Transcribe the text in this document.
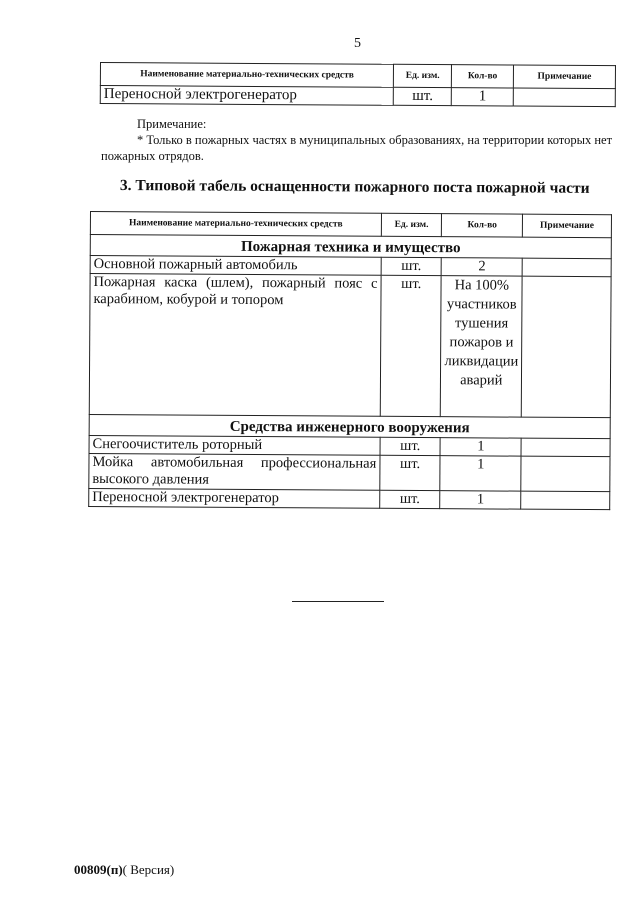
5
Наименование материально-технических средств	Ед. изм.	Кол-во	Примечание
Переносной электрогенератор	шт.	1	
Примечание:
* Только в пожарных частях в муниципальных образованиях, на территории которых нет пожарных отрядов.
3. Типовой табель оснащенности пожарного поста пожарной части
Наименование материально-технических средств	Ед. изм.	Кол-во	Примечание
Пожарная техника и имущество			
Основной пожарный автомобиль	шт.	2	
Пожарная каска (шлем), пожарный пояс с карабином, кобурой и топором	шт.	На 100% участников тушения пожаров и ликвидации аварий	
Средства инженерного вооружения			
Снегоочиститель роторный	шт.	1	
Мойка автомобильная профессиональная высокого давления	шт.	1	
Переносной электрогенератор	шт.	1	
00809(п)( Версия)
